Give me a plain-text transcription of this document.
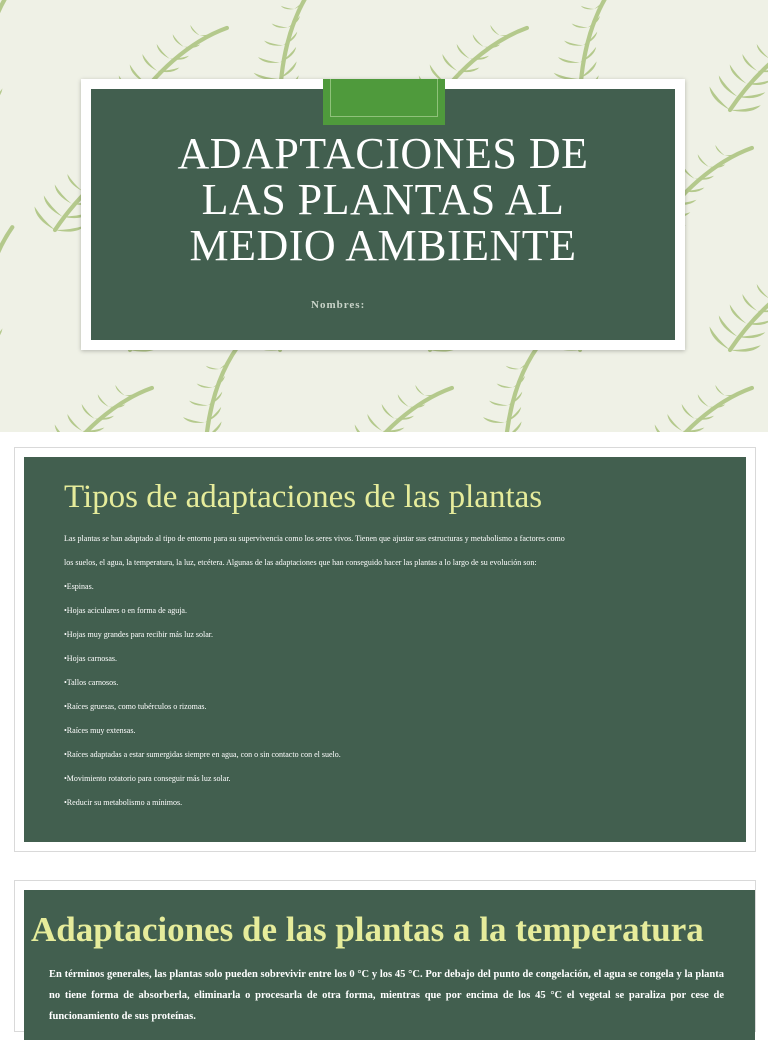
ADAPTACIONES DE
LAS PLANTAS AL
MEDIO AMBIENTE
Nombres:
Tipos de adaptaciones de las plantas

Las plantas se han adaptado al tipo de entorno para su supervivencia como los seres vivos. Tienen que ajustar sus estructuras y metabolismo a factores como

los suelos, el agua, la temperatura, la luz, etcétera. Algunas de las adaptaciones que han conseguido hacer las plantas a lo largo de su evolución son:

•Espinas.

•Hojas aciculares o en forma de aguja.

•Hojas muy grandes para recibir más luz solar.

•Hojas carnosas.

•Tallos carnosos.

•Raíces gruesas, como tubérculos o rizomas.

•Raíces muy extensas.

•Raíces adaptadas a estar sumergidas siempre en agua, con o sin contacto con el suelo.

•Movimiento rotatorio para conseguir más luz solar.

•Reducir su metabolismo a mínimos.

Adaptaciones de las plantas a la temperatura
En términos generales, las plantas solo pueden sobrevivir entre los 0 °C y los 45 °C. Por debajo del punto de congelación, el agua se congela y la planta no tiene forma de absorberla, eliminarla o procesarla de otra forma, mientras que por encima de los 45 °C el vegetal se paraliza por cese de funcionamiento de sus proteínas.
